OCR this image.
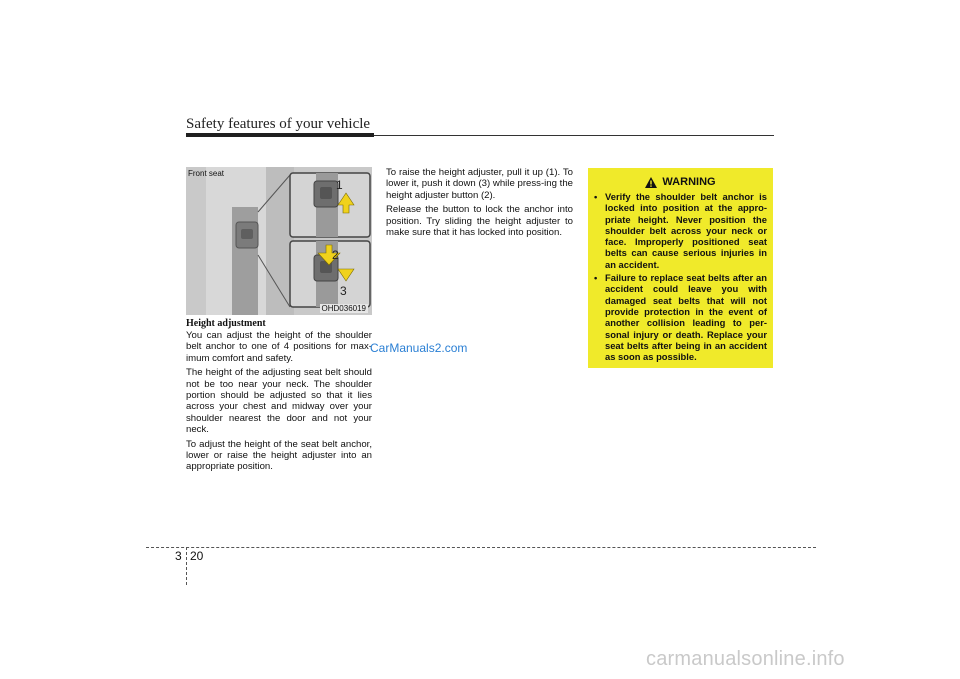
Safety features of your vehicle
Front seat
1
2
3
OHD036019
Height adjustment

You can adjust the height of the shoulder belt anchor to one of 4 positions for max-imum comfort and safety.

The height of the adjusting seat belt should not be too near your neck. The shoulder portion should be adjusted so that it lies across your chest and midway over your shoulder nearest the door and not your neck.

To adjust the height of the seat belt anchor, lower or raise the height adjuster into an appropriate position.

To raise the height adjuster, pull it up (1). To lower it, push it down (3) while press-ing the height adjuster button (2).

Release the button to lock the anchor into position. Try sliding the height adjuster to make sure that it has locked into position.

CarManuals2.com
WARNING
• Verify the shoulder belt anchor is locked into position at the appro-priate height. Never position the shoulder belt across your neck or face. Improperly positioned seat belts can cause serious injuries in an accident.
• Failure to replace seat belts after an accident could leave you with damaged seat belts that will not provide protection in the event of another collision leading to per-sonal injury or death. Replace your seat belts after being in an accident as soon as possible.
3 20
carmanualsonline.info
